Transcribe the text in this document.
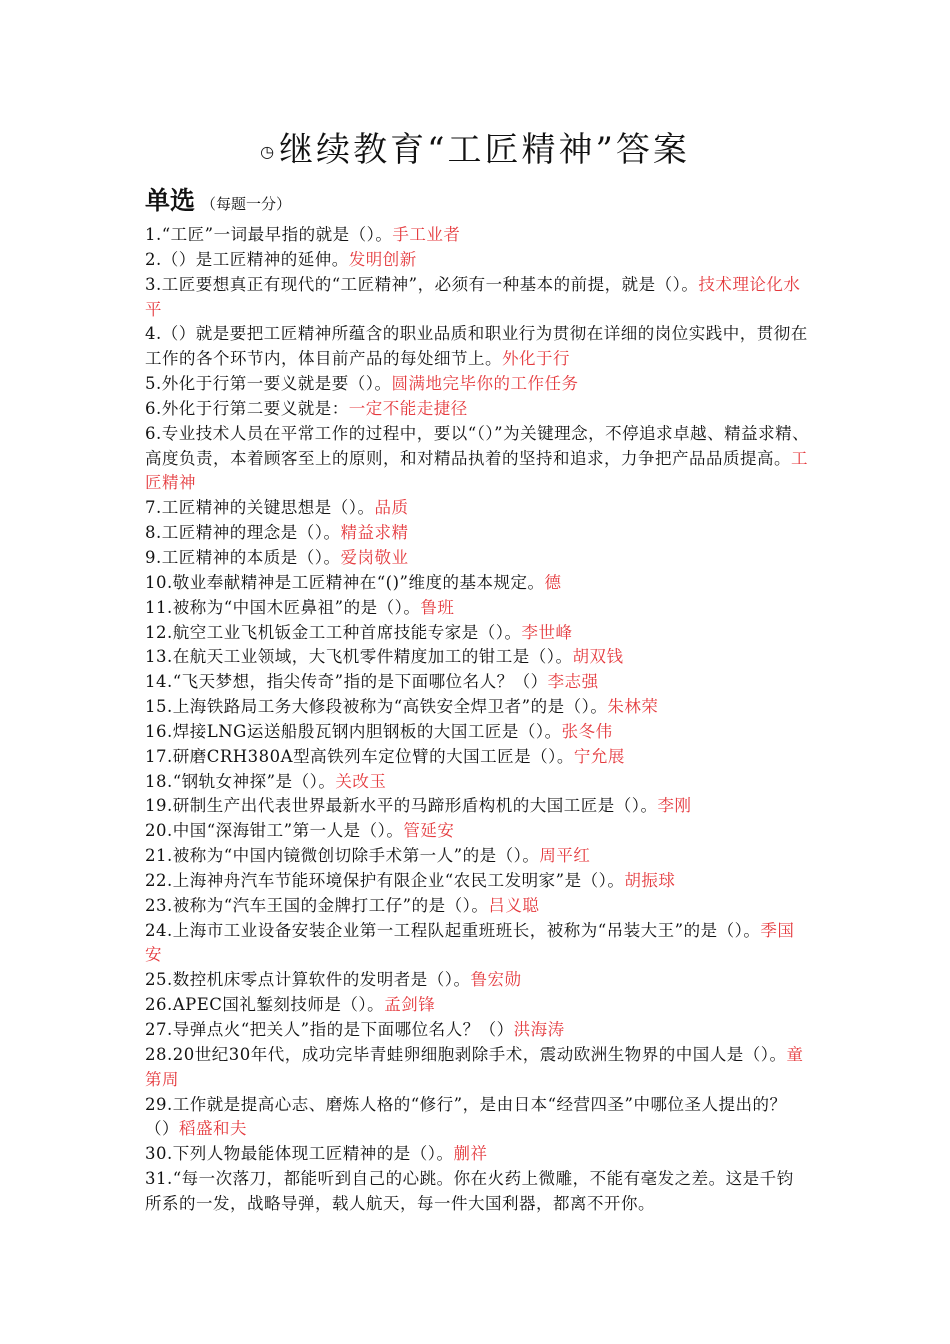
◷继续教育“工匠精神”答案
单选 （每题一分）
1.“工匠”一词最早指的就是（）。手工业者
2.（）是工匠精神的延伸。发明创新
3.工匠要想真正有现代的“工匠精神”，必须有一种基本的前提，就是（）。技术理论化水平
4.（）就是要把工匠精神所蕴含的职业品质和职业行为贯彻在详细的岗位实践中，贯彻在工作的各个环节内，体目前产品的每处细节上。外化于行
5.外化于行第一要义就是要（）。圆满地完毕你的工作任务
6.外化于行第二要义就是：一定不能走捷径
6.专业技术人员在平常工作的过程中，要以“（）”为关键理念，不停追求卓越、精益求精、高度负责，本着顾客至上的原则，和对精品执着的坚持和追求，力争把产品品质提高。工匠精神
7.工匠精神的关键思想是（）。品质
8.工匠精神的理念是（）。精益求精
9.工匠精神的本质是（）。爱岗敬业
10.敬业奉献精神是工匠精神在“()”维度的基本规定。德
11.被称为“中国木匠鼻祖”的是（）。鲁班
12.航空工业飞机钣金工工种首席技能专家是（）。李世峰
13.在航天工业领域，大飞机零件精度加工的钳工是（）。胡双钱
14.“飞天梦想，指尖传奇”指的是下面哪位名人？（）李志强
15.上海铁路局工务大修段被称为“高铁安全焊卫者”的是（）。朱林荣
16.焊接LNG运送船殷瓦钢内胆钢板的大国工匠是（）。张冬伟
17.研磨CRH380A型高铁列车定位臂的大国工匠是（）。宁允展
18.“钢轨女神探”是（）。关改玉
19.研制生产出代表世界最新水平的马蹄形盾构机的大国工匠是（）。李刚
20.中国“深海钳工”第一人是（）。管延安
21.被称为“中国内镜微创切除手术第一人”的是（）。周平红
22.上海神舟汽车节能环境保护有限企业“农民工发明家”是（）。胡振球
23.被称为“汽车王国的金牌打工仔”的是（）。吕义聪
24.上海市工业设备安装企业第一工程队起重班班长，被称为“吊装大王”的是（）。季国安
25.数控机床零点计算软件的发明者是（）。鲁宏勋
26.APEC国礼錾刻技师是（）。孟剑锋
27.导弹点火“把关人”指的是下面哪位名人？（）洪海涛
28.20世纪30年代，成功完毕青蛙卵细胞剥除手术，震动欧洲生物界的中国人是（）。童第周
29.工作就是提高心志、磨炼人格的“修行”，是由日本“经营四圣”中哪位圣人提出的？（）稻盛和夫
30.下列人物最能体现工匠精神的是（）。蒯祥
31.“每一次落刀，都能听到自己的心跳。你在火药上微雕，不能有毫发之差。这是千钧所系的一发，战略导弹，载人航天，每一件大国利器，都离不开你。
